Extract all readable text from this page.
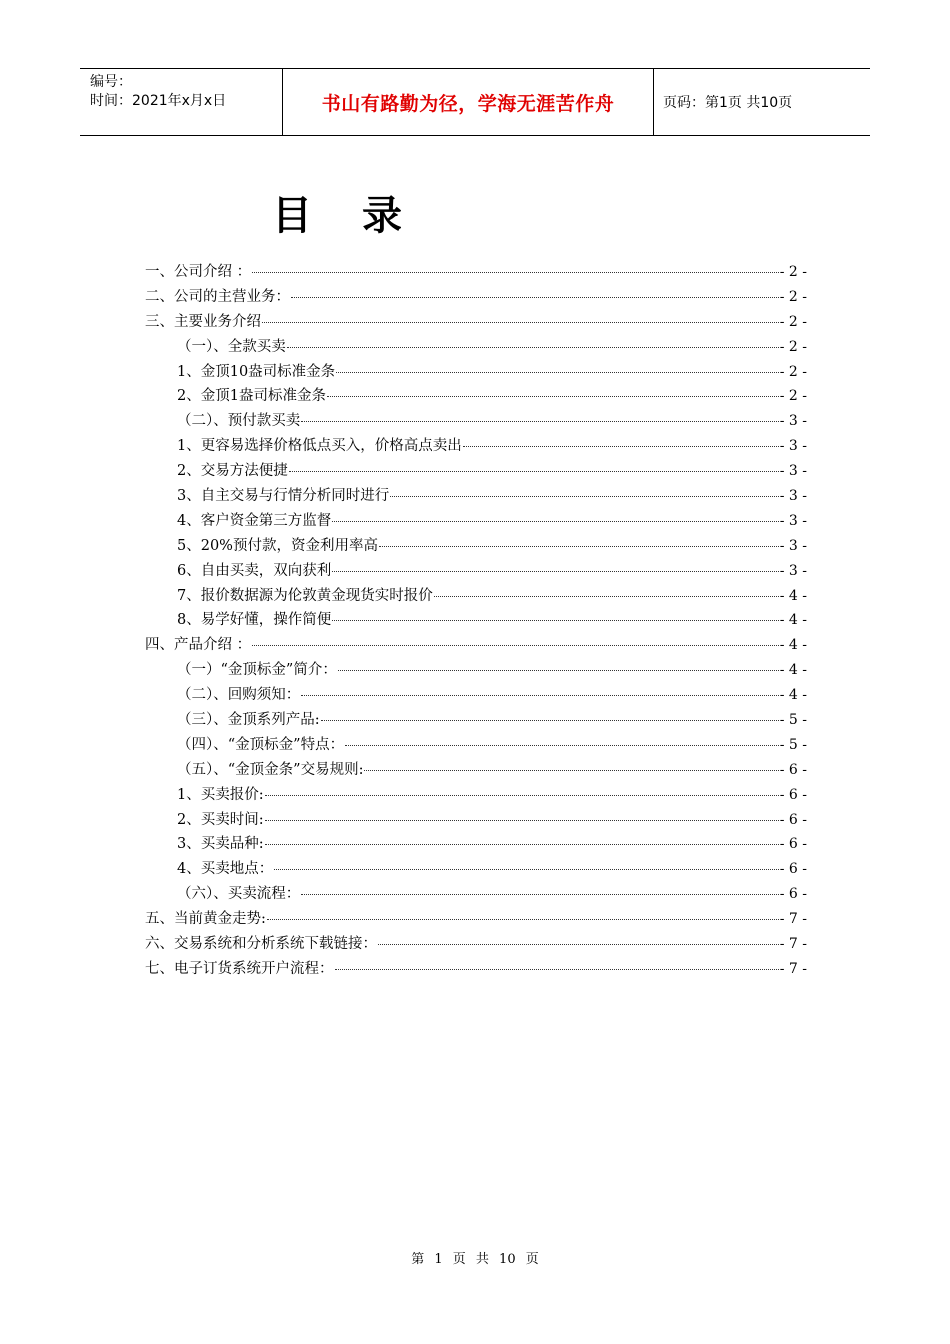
编号：
时间：2021年x月x日	书山有路勤为径，学海无涯苦作舟	页码：第1页 共10页
目录
一、公司介绍 ：	- 2 -
二、公司的主营业务：	- 2 -
三、主要业务介绍	- 2 -
（一）、全款买卖	- 2 -
1、金顶10盎司标准金条	- 2 -
2、金顶1盎司标准金条	- 2 -
（二）、预付款买卖	- 3 -
1、更容易选择价格低点买入，价格高点卖出	- 3 -
2、交易方法便捷	- 3 -
3、自主交易与行情分析同时进行	- 3 -
4、客户资金第三方监督	- 3 -
5、20%预付款，资金利用率高	- 3 -
6、自由买卖，双向获利	- 3 -
7、报价数据源为伦敦黄金现货实时报价	- 4 -
8、易学好懂，操作简便	- 4 -
四、产品介绍 ：	- 4 -
（一）“金顶标金”简介：	- 4 -
（二）、回购须知：	- 4 -
（三）、金顶系列产品:	- 5 -
（四）、“金顶标金”特点：	- 5 -
（五）、“金顶金条”交易规则:	- 6 -
1、买卖报价:	- 6 -
2、买卖时间:	- 6 -
3、买卖品种:	- 6 -
4、买卖地点：	- 6 -
（六）、买卖流程：	- 6 -
五、当前黄金走势:	- 7 -
六、交易系统和分析系统下载链接：	- 7 -
七、电子订货系统开户流程：	- 7 -
第 1 页 共 10 页
